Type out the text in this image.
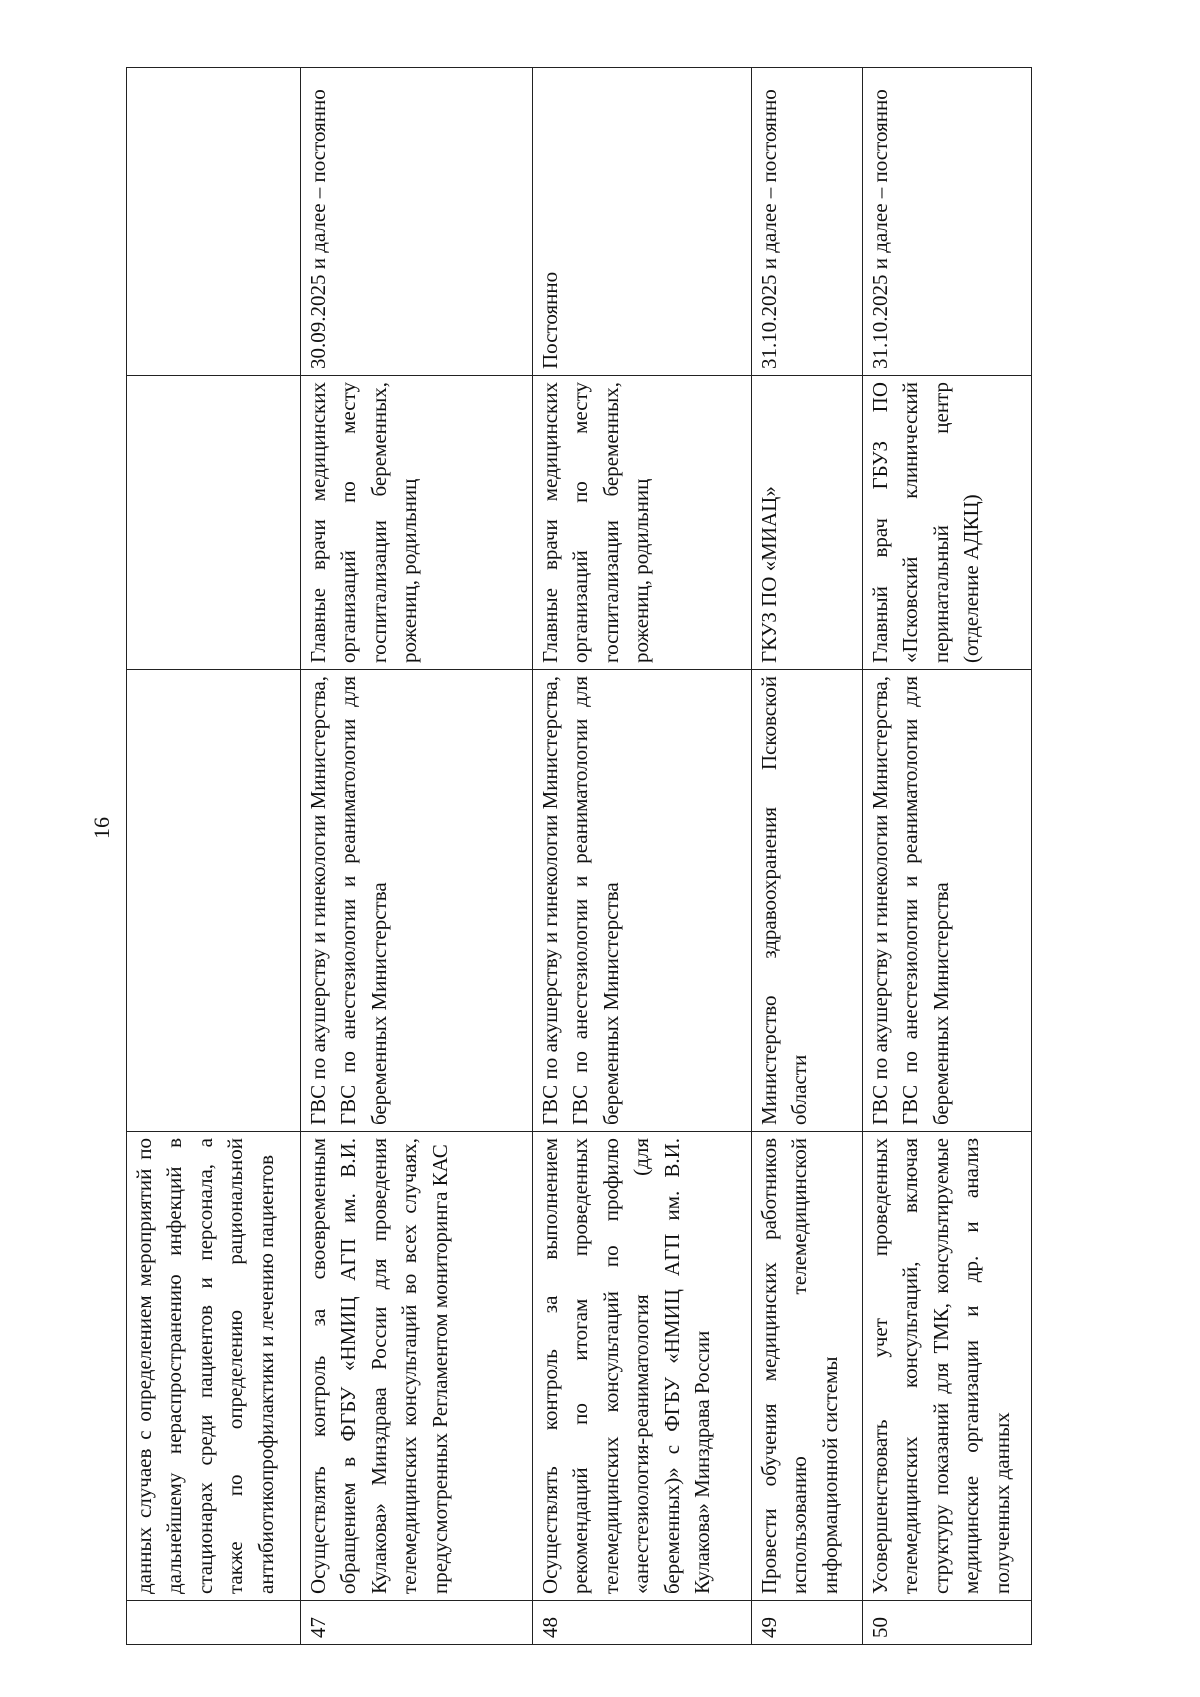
16
	данных случаев с определением мероприятий по дальнейшему нераспространению инфекций в стационарах среди пациентов и персонала, а также по определению рациональной антибиотикопрофилактики и лечению пациентов			
47	Осуществлять контроль за своевременным обращением в ФГБУ «НМИЦ АГП им. В.И. Кулакова» Минздрава России для проведения телемедицинских консультаций во всех случаях, предусмотренных Регламентом мониторинга КАС	ГВС по акушерству и гинекологии Министерства, ГВС по анестезиологии и реаниматологии для беременных Министерства	Главные врачи медицинских организаций по месту госпитализации беременных, рожениц, родильниц	30.09.2025 и далее – постоянно
48	Осуществлять контроль за выполнением рекомендаций по итогам проведенных телемедицинских консультаций по профилю «анестезиология-реаниматология (для беременных)» с ФГБУ «НМИЦ АГП им. В.И. Кулакова» Минздрава России	ГВС по акушерству и гинекологии Министерства, ГВС по анестезиологии и реаниматологии для беременных Министерства	Главные врачи медицинских организаций по месту госпитализации беременных, рожениц, родильниц	Постоянно
49	Провести обучения медицинских работников использованию телемедицинской информационной системы	Министерство здравоохранения Псковской области	ГКУЗ ПО «МИАЦ»	31.10.2025 и далее – постоянно
50	Усовершенствовать учет проведенных телемедицинских консультаций, включая структуру показаний для ТМК, консультируемые медицинские организации и др. и анализ полученных данных	ГВС по акушерству и гинекологии Министерства, ГВС по анестезиологии и реаниматологии для беременных Министерства	Главный врач ГБУЗ ПО «Псковский клинический перинатальный центр (отделение АДКЦ)	31.10.2025 и далее – постоянно
